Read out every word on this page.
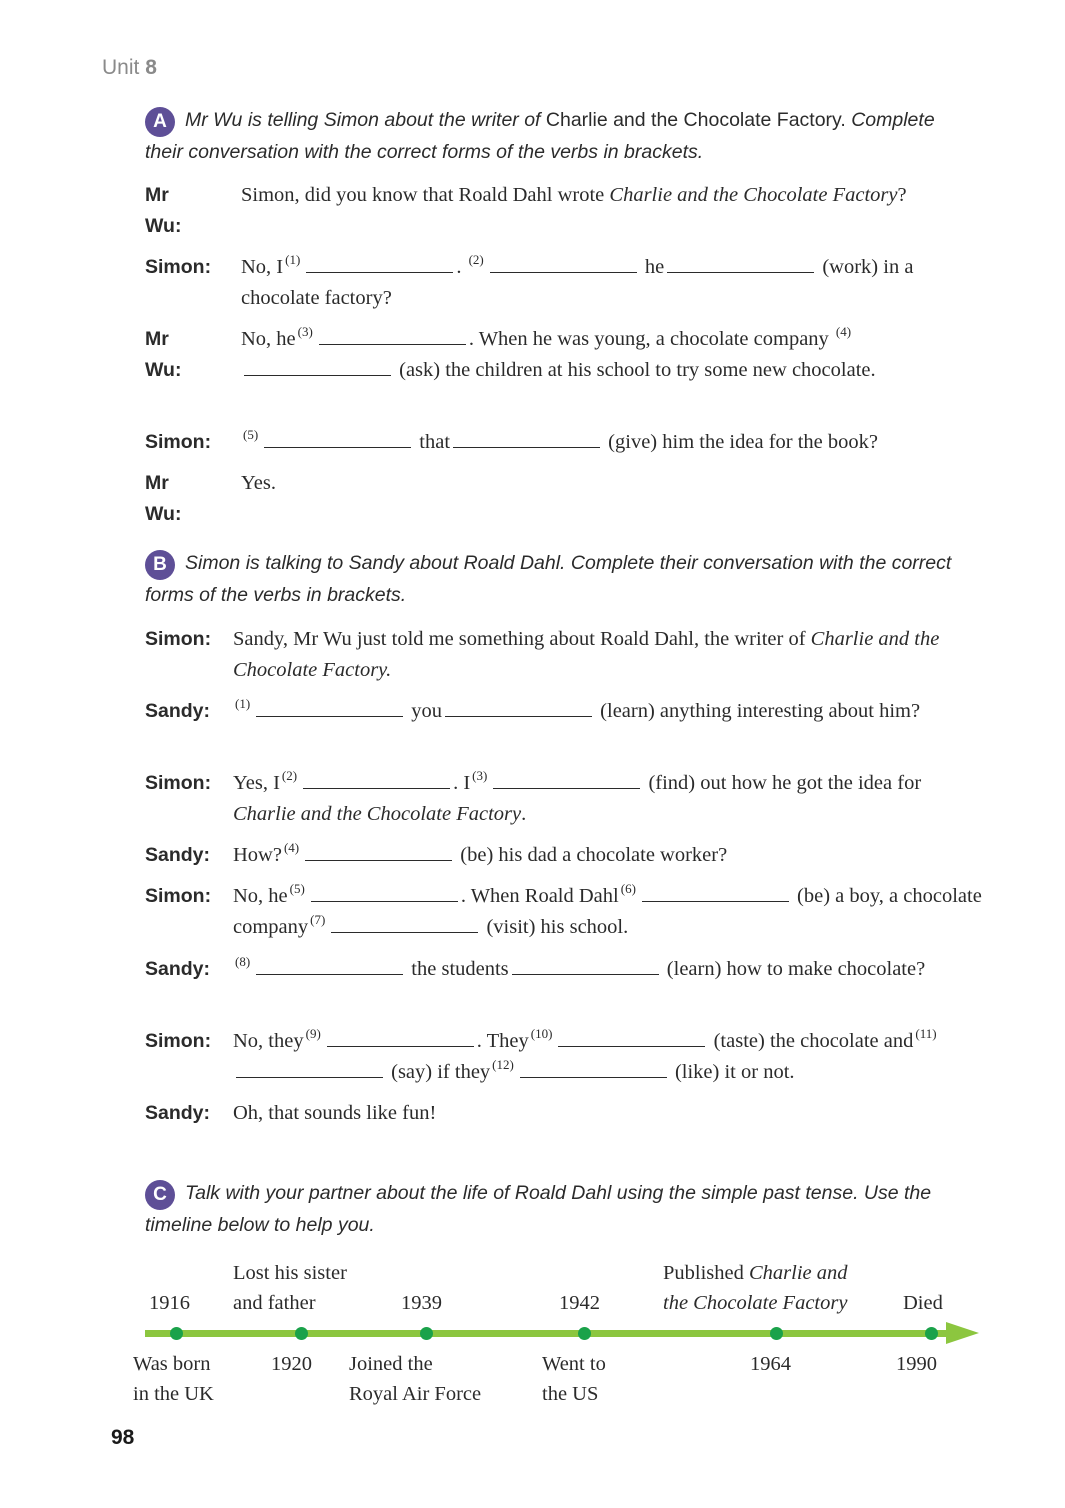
Unit 8
A Mr Wu is telling Simon about the writer of Charlie and the Chocolate Factory. Complete their conversation with the correct forms of the verbs in brackets.
Mr Wu:
Simon, did you know that Roald Dahl wrote Charlie and the Chocolate Factory?
Simon: No, I $^{(1)}$	. $^{(2)}$	he	(work) in a chocolate factory?
Mr Wu:
No, he $^{(3)}$	. When he was young, a chocolate company $^{(4)}$ (ask) the children at his school to try some new chocolate.
Simon: $^{(5)}$	that	(give) him the idea for the book?
Mr Wu:
Yes.
B Simon is talking to Sandy about Roald Dahl. Complete their conversation with the correct forms of the verbs in brackets.
Simon: Sandy, Mr Wu just told me something about Roald Dahl, the writer of Charlie and the Chocolate Factory.
Sandy: $^{(1)}$	you	(learn) anything interesting about him?
Simon: Yes, I $^{(2)}$	. I $^{(3)}$	(find) out how he got the idea for Charlie and the Chocolate Factory.
Sandy: How? $^{(4)}$	(be) his dad a chocolate worker?
Simon: No, he $^{(5)}$	. When Roald Dahl $^{(6)}$	(be) a boy, a chocolate company $^{(7)}$	(visit) his school.
Sandy: $^{(8)}$	the students	(learn) how to make chocolate?
Simon: No, they $^{(9)}$	. They $^{(10)}$	(taste) the chocolate and $^{(11)}$ (say) if they $^{(12)}$	(like) it or not.
Sandy: Oh, that sounds like fun!
C Talk with your partner about the life of Roald Dahl using the simple past tense. Use the timeline below to help you.
1916
Lost his sister
and father	1939	1942
Published Charlie and
the Chocolate Factory	Died
Was born
in the UK
1920 Joined the
Royal Air Force
Went to
the US
1964	1990
98
